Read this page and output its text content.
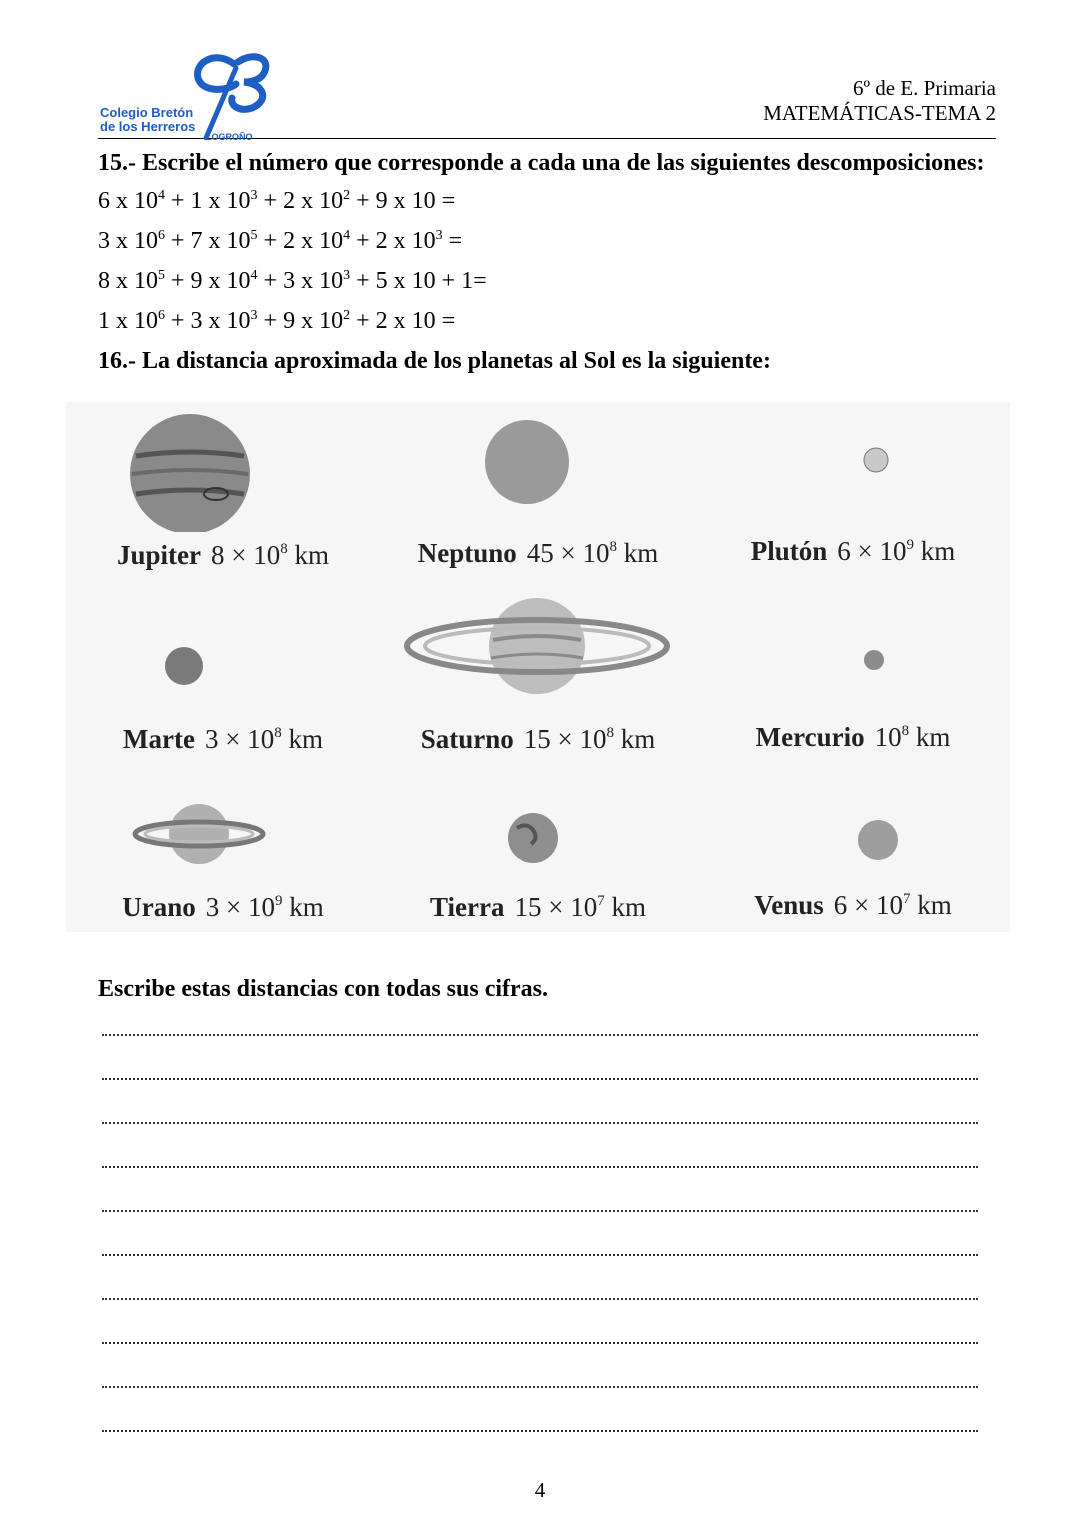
Colegio Bretón
de los Herreros
LOGROÑO
6º de E. Primaria
MATEMÁTICAS-TEMA 2
15.- Escribe el número que corresponde a cada una de las siguientes descomposiciones:
6 x $10^4 + 1$ x $10^3 + 2$ x $10^2 + 9$ x 10 =
3 x $10^6 + 7$ x $10^5 + 2$ x $10^4 + 2$ x $10^3$ =
8 x $10^5 + 9$ x $10^4 + 3$ x $10^3 + 5$ x 10 + 1=
1 x $10^6 + 3$ x $10^3 + 9$ x $10^2 + 2$ x 10 =
16.- La distancia aproximada de los planetas al Sol es la siguiente:
Jupiter $8 \times 10^8$ km	Neptuno $45 \times 10^8$ km	Plutón $6 \times 10^9$ km
Marte $3 \times 10^8$ km	Saturno $15 \times 10^8$ km	Mercurio $10^8$ km
Urano $3 \times 10^9$ km	Tierra $15 \times 10^7$ km	Venus $6 \times 10^7$ km
Escribe estas distancias con todas sus cifras.
4
